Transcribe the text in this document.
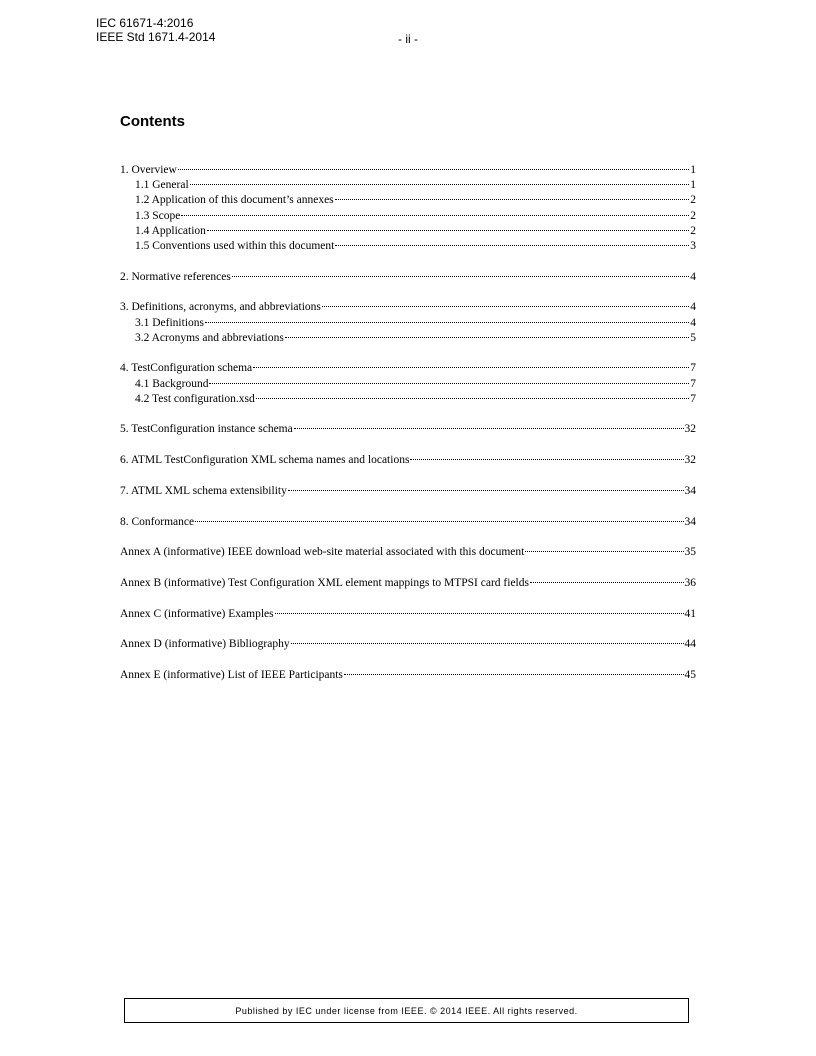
IEC 61671-4:2016
IEEE Std 1671.4-2014	- ii -
Contents
1. Overview	1
1.1 General	1
1.2 Application of this document’s annexes	2
1.3 Scope	2
1.4 Application	2
1.5 Conventions used within this document	3
2. Normative references	4
3. Definitions, acronyms, and abbreviations	4
3.1 Definitions	4
3.2 Acronyms and abbreviations	5
4. TestConfiguration schema	7
4.1 Background	7
4.2 Test configuration.xsd	7
5. TestConfiguration instance schema	32
6. ATML TestConfiguration XML schema names and locations	32
7. ATML XML schema extensibility	34
8. Conformance	34
Annex A (informative) IEEE download web-site material associated with this document	35
Annex B (informative) Test Configuration XML element mappings to MTPSI card fields	36
Annex C (informative) Examples	41
Annex D (informative) Bibliography	44
Annex E (informative) List of IEEE Participants	45
Published by IEC under license from IEEE. © 2014 IEEE. All rights reserved.
